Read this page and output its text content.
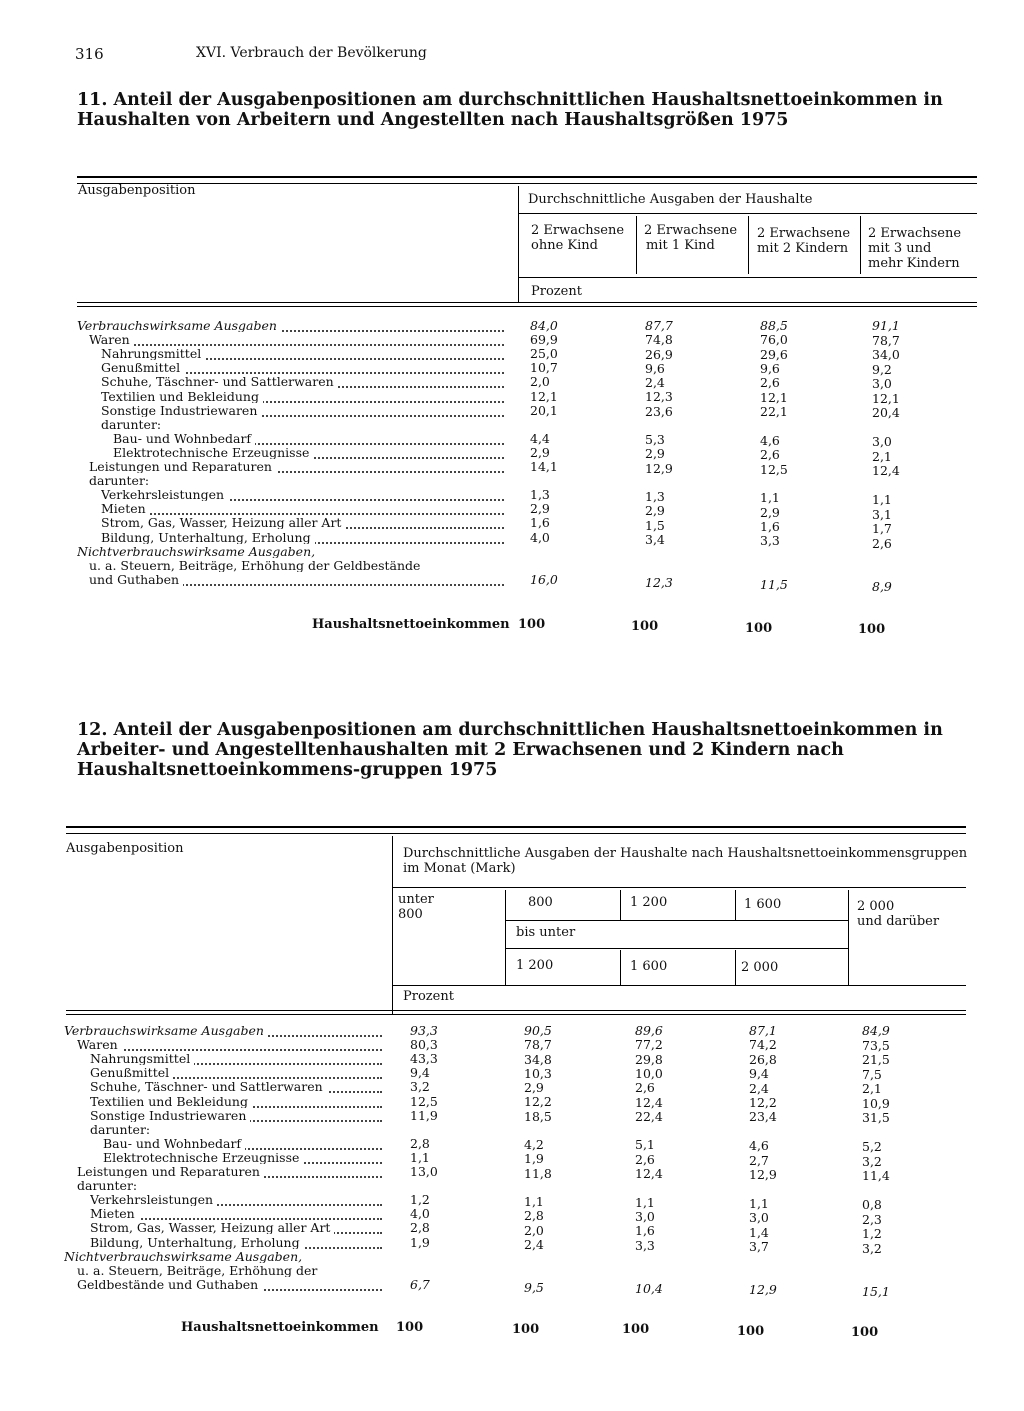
316	XVI. Verbrauch der Bevölkerung
11. Anteil der Ausgabenpositionen am durchschnittlichen Haushaltsnettoeinkommen in Haushalten von Arbeitern und Angestellten nach Haushaltsgrößen 1975
Ausgabenposition
Durchschnittliche Ausgaben der Haushalte
2 Erwachsene
ohne Kind
2 Erwachsene
mit 1 Kind
2 Erwachsene
mit 2 Kindern
2 Erwachsene
mit 3 und
mehr Kindern
Prozent
Verbrauchswirksame Ausgaben	84,0	87,7	88,5	91,1
Waren	69,9	74,8	76,0	78,7
Nahrungsmittel	25,0	26,9	29,6	34,0
Genußmittel	10,7	9,6	9,6	9,2
Schuhe, Täschner- und Sattlerwaren	2,0	2,4	2,6	3,0
Textilien und Bekleidung	12,1	12,3	12,1	12,1
Sonstige Industriewaren	20,1	23,6	22,1	20,4
darunter:
Bau- und Wohnbedarf	4,4	5,3	4,6	3,0
Elektrotechnische Erzeugnisse	2,9	2,9	2,6	2,1
Leistungen und Reparaturen	14,1	12,9	12,5	12,4
darunter:
Verkehrsleistungen	1,3	1,3	1,1	1,1
Mieten	2,9	2,9	2,9	3,1
Strom, Gas, Wasser, Heizung aller Art	1,6	1,5	1,6	1,7
Bildung, Unterhaltung, Erholung	4,0	3,4	3,3	2,6
Nichtverbrauchswirksame Ausgaben,
u. a. Steuern, Beiträge, Erhöhung der Geldbestände
und Guthaben	16,0	12,3	11,5	8,9
Haushaltsnettoeinkommen 100	100	100	100
12. Anteil der Ausgabenpositionen am durchschnittlichen Haushaltsnettoeinkommen in Arbeiter- und Angestelltenhaushalten mit 2 Erwachsenen und 2 Kindern nach Haushaltsnettoeinkommens-gruppen 1975
Ausgabenposition	Durchschnittliche Ausgaben der Haushalte nach Haushaltsnettoeinkommensgruppen
im Monat (Mark)
unter
800
800	1 200	1 600	2 000
und darüber
bis unter
1 200	1 600	2 000
Prozent
Verbrauchswirksame Ausgaben	93,3	90,5	89,6	87,1	84,9
Waren	80,3	78,7	77,2	74,2	73,5
Nahrungsmittel	43,3	34,8	29,8	26,8	21,5
Genußmittel	9,4	10,3	10,0	9,4	7,5
Schuhe, Täschner- und Sattlerwaren	3,2	2,9	2,6	2,4	2,1
Textilien und Bekleidung	12,5	12,2	12,4	12,2	10,9
Sonstige Industriewaren	11,9	18,5	22,4	23,4	31,5
darunter:
Bau- und Wohnbedarf	2,8	4,2	5,1	4,6	5,2
Elektrotechnische Erzeugnisse	1,1	1,9	2,6	2,7	3,2
Leistungen und Reparaturen	13,0	11,8	12,4	12,9	11,4
darunter:
Verkehrsleistungen	1,2	1,1	1,1	1,1	0,8
Mieten	4,0	2,8	3,0	3,0	2,3
Strom, Gas, Wasser, Heizung aller Art	2,8	2,0	1,6	1,4	1,2
Bildung, Unterhaltung, Erholung	1,9	2,4	3,3	3,7	3,2
Nichtverbrauchswirksame Ausgaben,
u. a. Steuern, Beiträge, Erhöhung der
Geldbestände und Guthaben	6,7	9,5	10,4	12,9	15,1
Haushaltsnettoeinkommen 100	100	100	100	100
